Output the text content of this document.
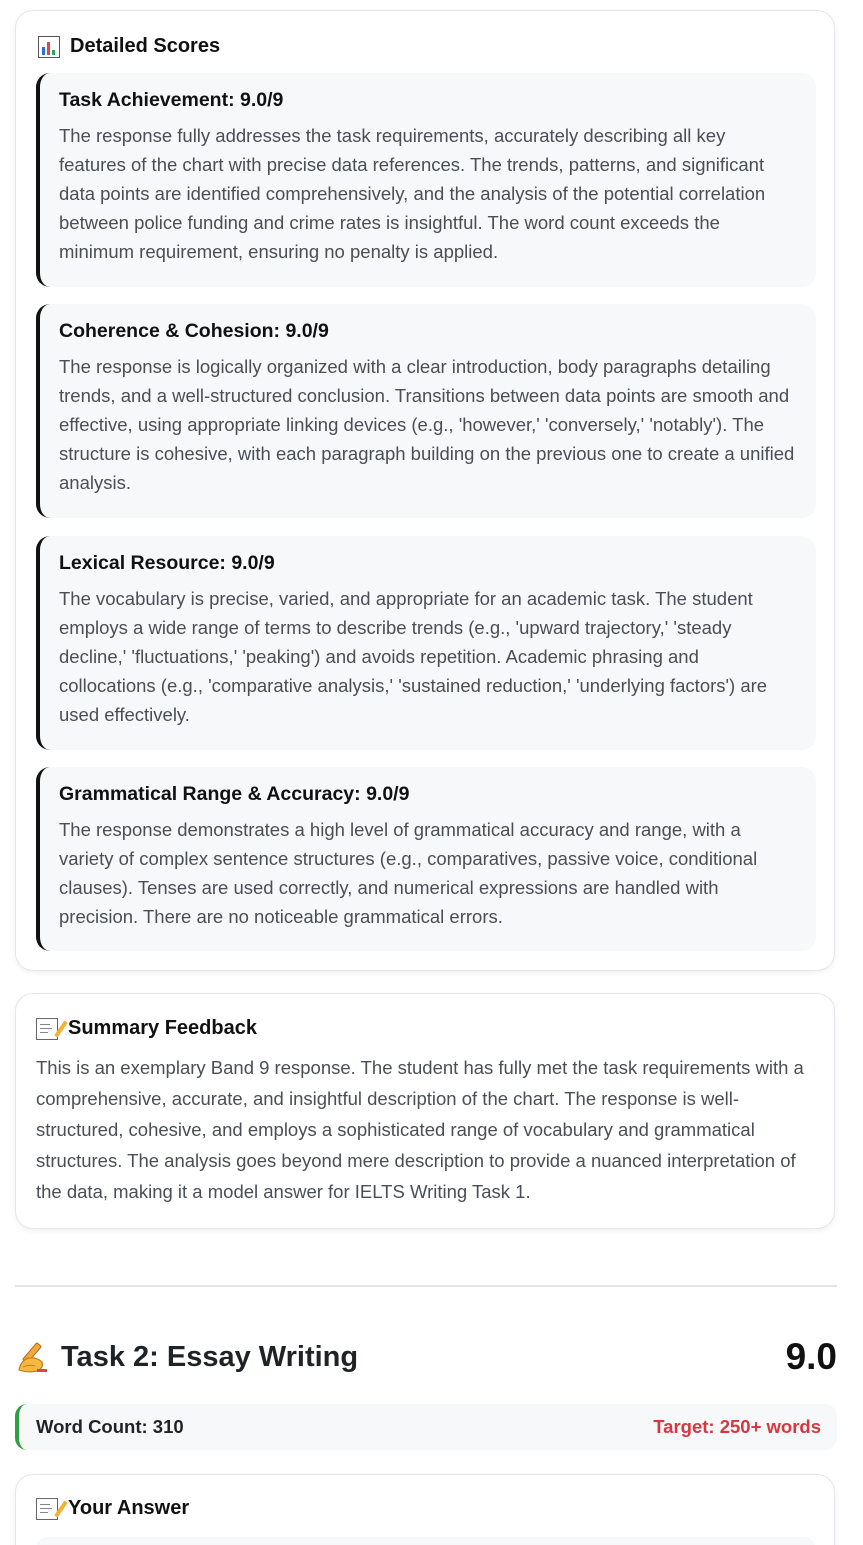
Detailed Scores
Task Achievement: 9.0/9
The response fully addresses the task requirements, accurately describing all key features of the chart with precise data references. The trends, patterns, and significant data points are identified comprehensively, and the analysis of the potential correlation between police funding and crime rates is insightful. The word count exceeds the minimum requirement, ensuring no penalty is applied.
Coherence & Cohesion: 9.0/9
The response is logically organized with a clear introduction, body paragraphs detailing trends, and a well-structured conclusion. Transitions between data points are smooth and effective, using appropriate linking devices (e.g., 'however,' 'conversely,' 'notably'). The structure is cohesive, with each paragraph building on the previous one to create a unified analysis.
Lexical Resource: 9.0/9
The vocabulary is precise, varied, and appropriate for an academic task. The student employs a wide range of terms to describe trends (e.g., 'upward trajectory,' 'steady decline,' 'fluctuations,' 'peaking') and avoids repetition. Academic phrasing and collocations (e.g., 'comparative analysis,' 'sustained reduction,' 'underlying factors') are used effectively.
Grammatical Range & Accuracy: 9.0/9
The response demonstrates a high level of grammatical accuracy and range, with a variety of complex sentence structures (e.g., comparatives, passive voice, conditional clauses). Tenses are used correctly, and numerical expressions are handled with precision. There are no noticeable grammatical errors.
Summary Feedback
This is an exemplary Band 9 response. The student has fully met the task requirements with a comprehensive, accurate, and insightful description of the chart. The response is well-structured, cohesive, and employs a sophisticated range of vocabulary and grammatical structures. The analysis goes beyond mere description to provide a nuanced interpretation of the data, making it a model answer for IELTS Writing Task 1.
Task 2: Essay Writing	9.0
Word Count: 310	Target: 250+ words
Your Answer
